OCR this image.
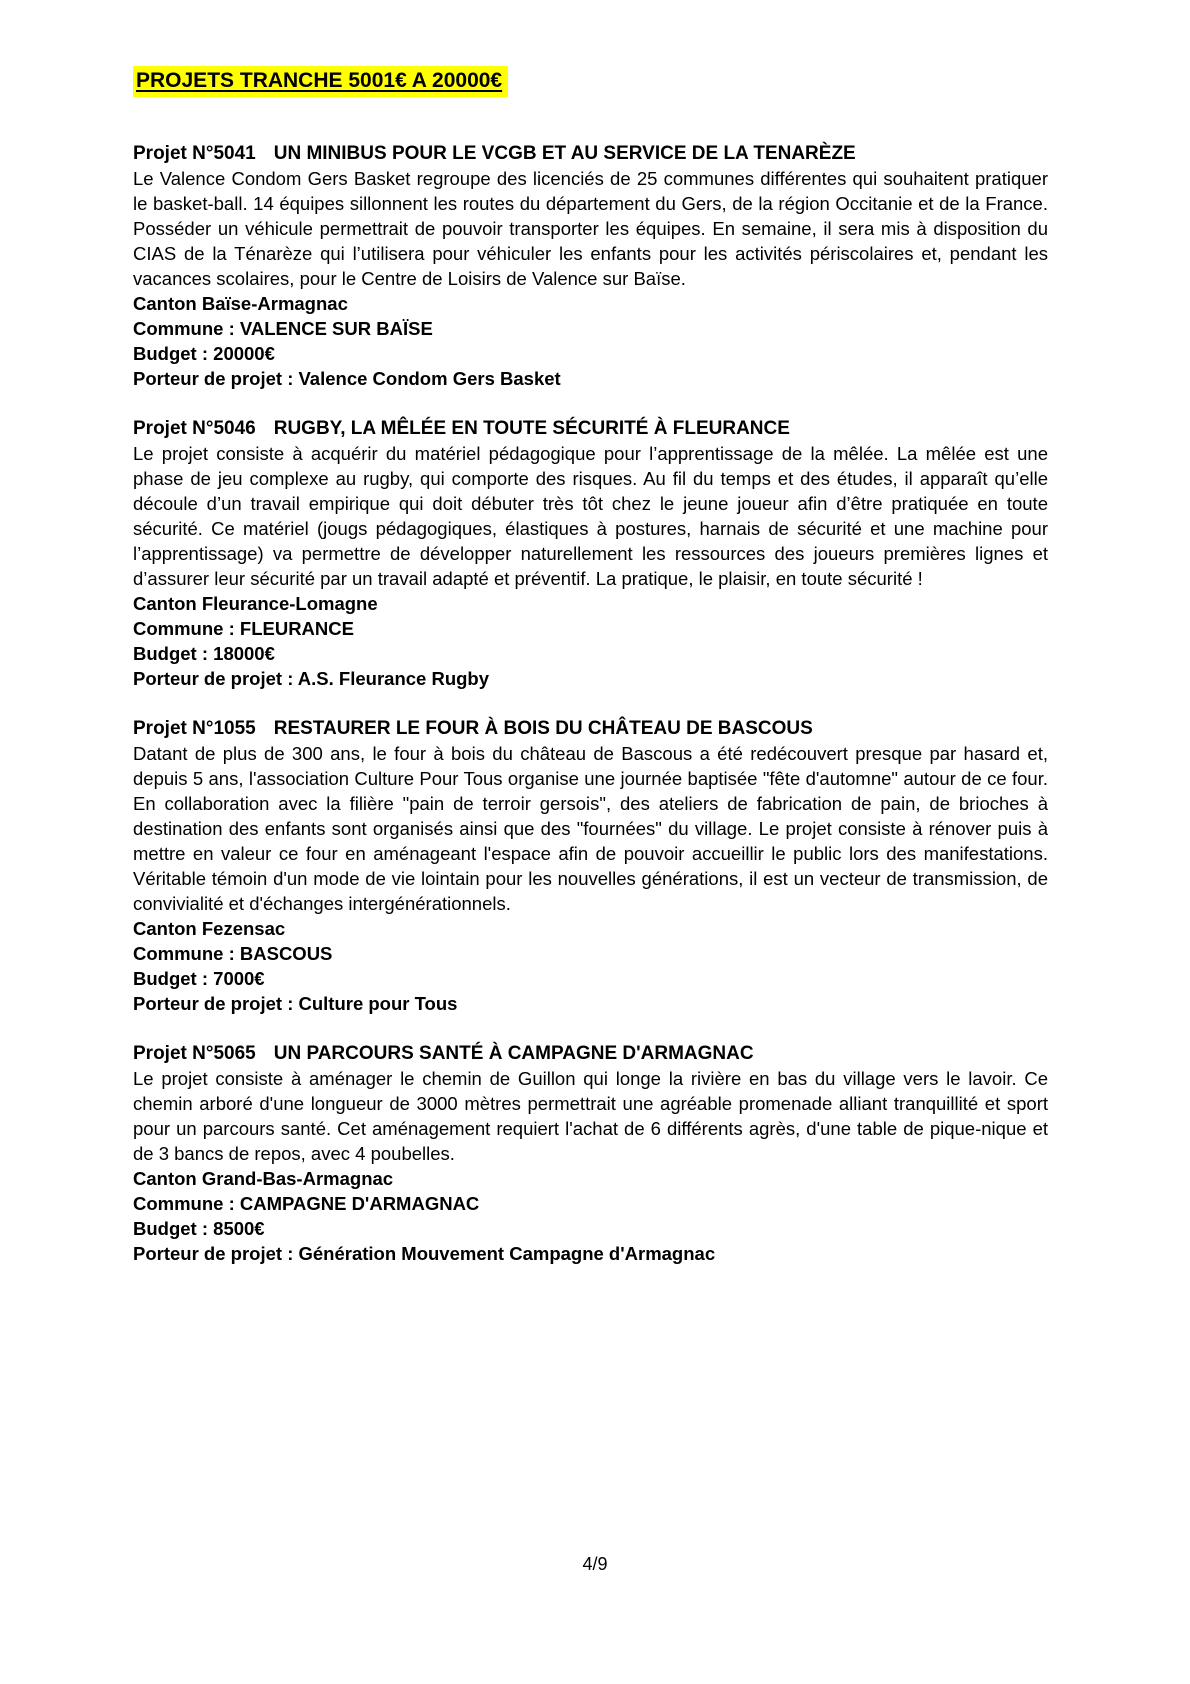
PROJETS TRANCHE 5001€ A 20000€
Projet N°5041 UN MINIBUS POUR LE VCGB ET AU SERVICE DE LA TENARÈZE

Le Valence Condom Gers Basket regroupe des licenciés de 25 communes différentes qui souhaitent pratiquer le basket-ball. 14 équipes sillonnent les routes du département du Gers, de la région Occitanie et de la France. Posséder un véhicule permettrait de pouvoir transporter les équipes. En semaine, il sera mis à disposition du CIAS de la Ténarèze qui l’utilisera pour véhiculer les enfants pour les activités périscolaires et, pendant les vacances scolaires, pour le Centre de Loisirs de Valence sur Baïse.

Canton Baïse-Armagnac
Commune : VALENCE SUR BAÏSE
Budget : 20000€
Porteur de projet : Valence Condom Gers Basket
Projet N°5046 RUGBY, LA MÊLÉE EN TOUTE SÉCURITÉ À FLEURANCE

Le projet consiste à acquérir du matériel pédagogique pour l’apprentissage de la mêlée. La mêlée est une phase de jeu complexe au rugby, qui comporte des risques. Au fil du temps et des études, il apparaît qu’elle découle d’un travail empirique qui doit débuter très tôt chez le jeune joueur afin d’être pratiquée en toute sécurité. Ce matériel (jougs pédagogiques, élastiques à postures, harnais de sécurité et une machine pour l’apprentissage) va permettre de développer naturellement les ressources des joueurs premières lignes et d’assurer leur sécurité par un travail adapté et préventif. La pratique, le plaisir, en toute sécurité !

Canton Fleurance-Lomagne
Commune : FLEURANCE
Budget : 18000€
Porteur de projet : A.S. Fleurance Rugby
Projet N°1055 RESTAURER LE FOUR À BOIS DU CHÂTEAU DE BASCOUS

Datant de plus de 300 ans, le four à bois du château de Bascous a été redécouvert presque par hasard et, depuis 5 ans, l'association Culture Pour Tous organise une journée baptisée "fête d'automne" autour de ce four. En collaboration avec la filière "pain de terroir gersois", des ateliers de fabrication de pain, de brioches à destination des enfants sont organisés ainsi que des "fournées" du village. Le projet consiste à rénover puis à mettre en valeur ce four en aménageant l'espace afin de pouvoir accueillir le public lors des manifestations. Véritable témoin d'un mode de vie lointain pour les nouvelles générations, il est un vecteur de transmission, de convivialité et d'échanges intergénérationnels.

Canton Fezensac
Commune : BASCOUS
Budget : 7000€
Porteur de projet : Culture pour Tous
Projet N°5065 UN PARCOURS SANTÉ À CAMPAGNE D'ARMAGNAC

Le projet consiste à aménager le chemin de Guillon qui longe la rivière en bas du village vers le lavoir. Ce chemin arboré d'une longueur de 3000 mètres permettrait une agréable promenade alliant tranquillité et sport pour un parcours santé. Cet aménagement requiert l'achat de 6 différents agrès, d'une table de pique-nique et de 3 bancs de repos, avec 4 poubelles.

Canton Grand-Bas-Armagnac
Commune : CAMPAGNE D'ARMAGNAC
Budget : 8500€
Porteur de projet : Génération Mouvement Campagne d'Armagnac
4/9
